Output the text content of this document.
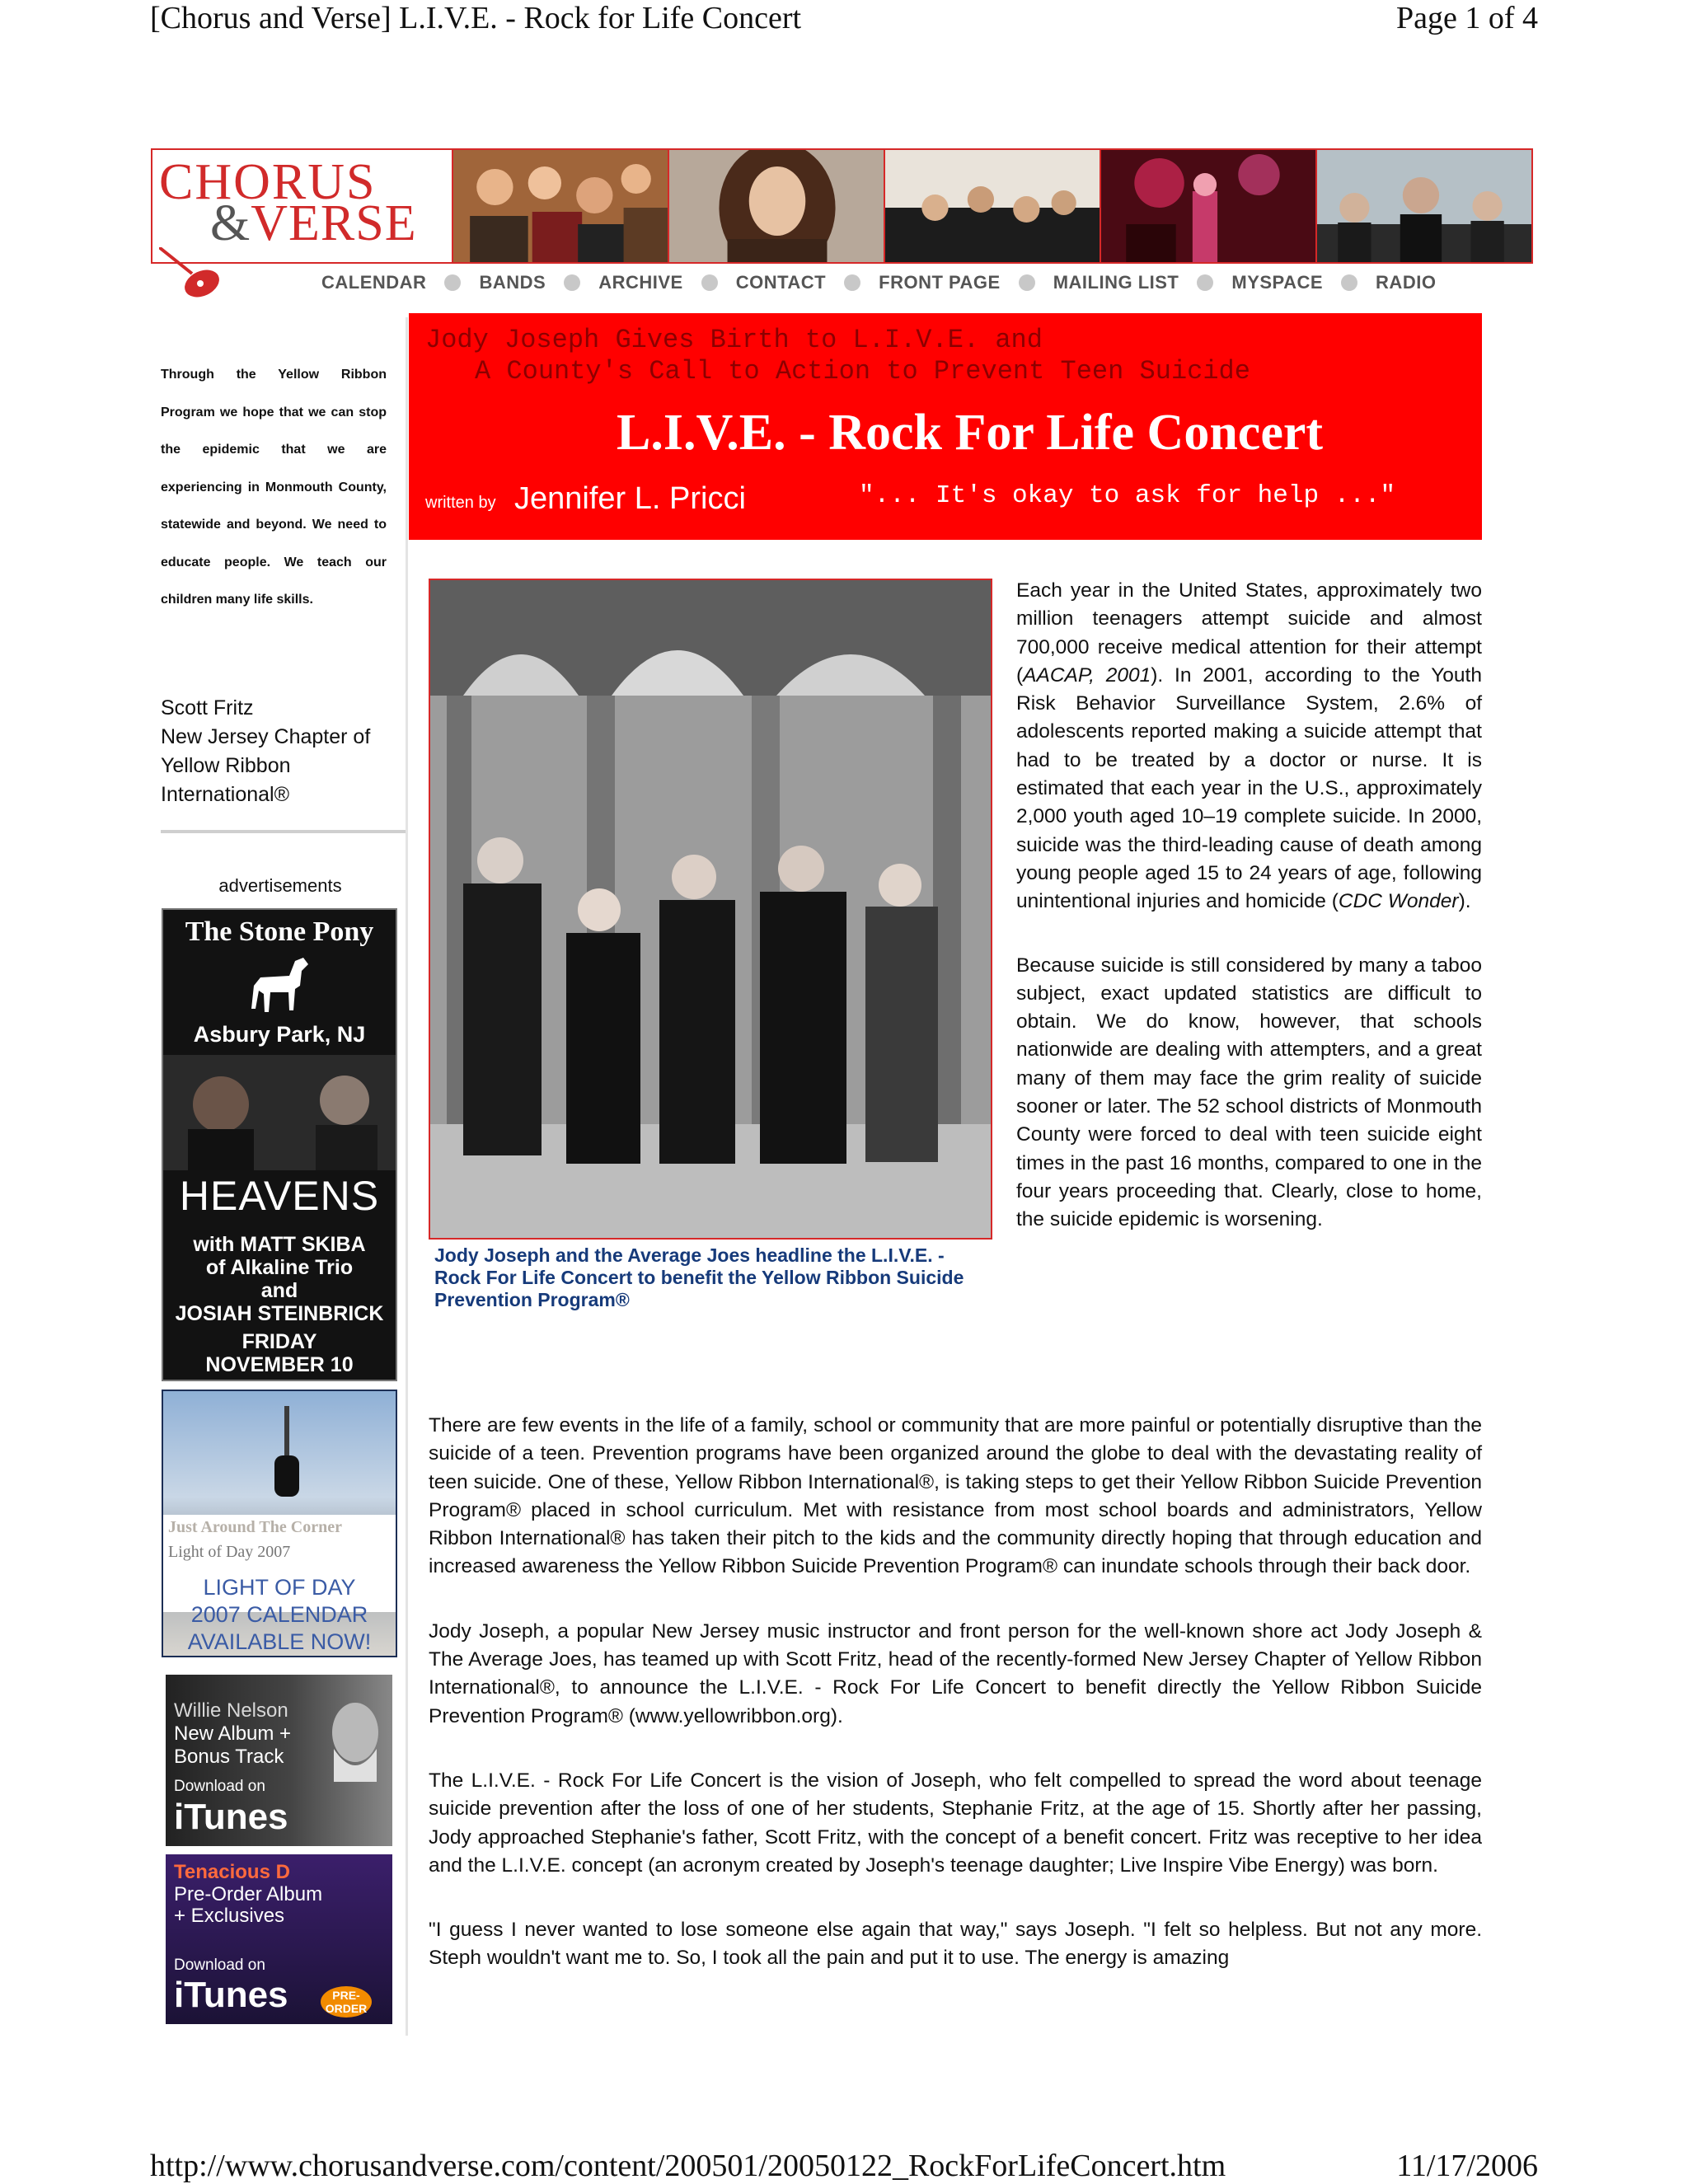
[Chorus and Verse] L.I.V.E. - Rock for Life Concert	Page 1 of 4
CHORUS
&VERSE
CALENDAR	BANDS	ARCHIVE	CONTACT	FRONT PAGE	MAILING LIST	MYSPACE	RADIO
Through the Yellow Ribbon Program we hope that we can stop the epidemic that we are experiencing in Monmouth County, statewide and beyond. We need to educate people. We teach our children many life skills.
Scott Fritz
New Jersey Chapter of Yellow Ribbon International®
advertisements
The Stone Pony
Asbury Park, NJ
HEAVENS
with MATT SKIBA
of Alkaline Trio
and
JOSIAH STEINBRICK
FRIDAY
NOVEMBER 10
Just Around The Corner
Light of Day 2007
LIGHT OF DAY
2007 CALENDAR
AVAILABLE NOW!
Willie Nelson
New Album +
Bonus Track
Download on
iTunes
Tenacious D
Pre-Order Album
+ Exclusives
Download on
iTunes	PRE-ORDER
Jody Joseph Gives Birth to L.I.V.E. and
A County's Call to Action to Prevent Teen Suicide
L.I.V.E. - Rock For Life Concert
written by Jennifer L. Pricci	"... It's okay to ask for help ..."
Jody Joseph and the Average Joes headline the L.I.V.E. - Rock For Life Concert to benefit the Yellow Ribbon Suicide Prevention Program®

Each year in the United States, approximately two million teenagers attempt suicide and almost 700,000 receive medical attention for their attempt (AACAP, 2001). In 2001, according to the Youth Risk Behavior Surveillance System, 2.6% of adolescents reported making a suicide attempt that had to be treated by a doctor or nurse. It is estimated that each year in the U.S., approximately 2,000 youth aged 10–19 complete suicide. In 2000, suicide was the third-leading cause of death among young people aged 15 to 24 years of age, following unintentional injuries and homicide (CDC Wonder).

Because suicide is still considered by many a taboo subject, exact updated statistics are difficult to obtain. We do know, however, that schools nationwide are dealing with attempters, and a great many of them may face the grim reality of suicide sooner or later. The 52 school districts of Monmouth County were forced to deal with teen suicide eight times in the past 16 months, compared to one in the four years proceeding that. Clearly, close to home, the suicide epidemic is worsening.

There are few events in the life of a family, school or community that are more painful or potentially disruptive than the suicide of a teen. Prevention programs have been organized around the globe to deal with the devastating reality of teen suicide. One of these, Yellow Ribbon International®, is taking steps to get their Yellow Ribbon Suicide Prevention Program® placed in school curriculum. Met with resistance from most school boards and administrators, Yellow Ribbon International® has taken their pitch to the kids and the community directly hoping that through education and increased awareness the Yellow Ribbon Suicide Prevention Program® can inundate schools through their back door.

Jody Joseph, a popular New Jersey music instructor and front person for the well-known shore act Jody Joseph & The Average Joes, has teamed up with Scott Fritz, head of the recently-formed New Jersey Chapter of Yellow Ribbon International®, to announce the L.I.V.E. - Rock For Life Concert to benefit directly the Yellow Ribbon Suicide Prevention Program® (www.yellowribbon.org).

The L.I.V.E. - Rock For Life Concert is the vision of Joseph, who felt compelled to spread the word about teenage suicide prevention after the loss of one of her students, Stephanie Fritz, at the age of 15. Shortly after her passing, Jody approached Stephanie's father, Scott Fritz, with the concept of a benefit concert. Fritz was receptive to her idea and the L.I.V.E. concept (an acronym created by Joseph's teenage daughter; Live Inspire Vibe Energy) was born.

"I guess I never wanted to lose someone else again that way," says Joseph. "I felt so helpless. But not any more. Steph wouldn't want me to. So, I took all the pain and put it to use. The energy is amazing

http://www.chorusandverse.com/content/200501/20050122_RockForLifeConcert.htm	11/17/2006
